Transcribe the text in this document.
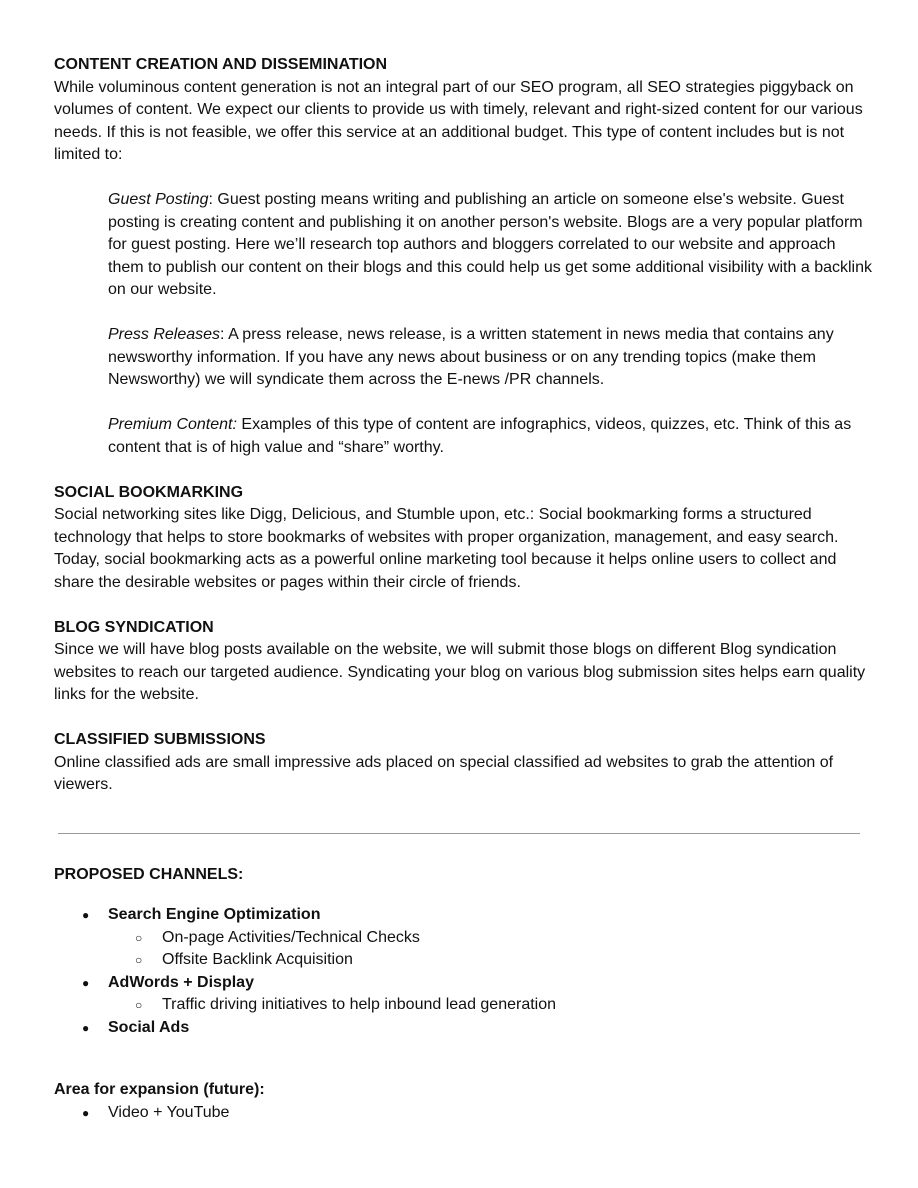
CONTENT CREATION AND DISSEMINATION

While voluminous content generation is not an integral part of our SEO program, all SEO strategies piggyback on volumes of content. We expect our clients to provide us with timely, relevant and right-sized content for our various needs. If this is not feasible, we offer this service at an additional budget. This type of content includes but is not limited to:

Guest Posting: Guest posting means writing and publishing an article on someone else's website. Guest posting is creating content and publishing it on another person's website. Blogs are a very popular platform for guest posting. Here we’ll research top authors and bloggers correlated to our website and approach them to publish our content on their blogs and this could help us get some additional visibility with a backlink on our website.

Press Releases: A press release, news release, is a written statement in news media that contains any newsworthy information. If you have any news about business or on any trending topics (make them Newsworthy) we will syndicate them across the E-news /PR channels.

Premium Content: Examples of this type of content are infographics, videos, quizzes, etc. Think of this as content that is of high value and “share” worthy.

SOCIAL BOOKMARKING

Social networking sites like Digg, Delicious, and Stumble upon, etc.: Social bookmarking forms a structured technology that helps to store bookmarks of websites with proper organization, management, and easy search. Today, social bookmarking acts as a powerful online marketing tool because it helps online users to collect and share the desirable websites or pages within their circle of friends.

BLOG SYNDICATION

Since we will have blog posts available on the website, we will submit those blogs on different Blog syndication websites to reach our targeted audience. Syndicating your blog on various blog submission sites helps earn quality links for the website.

CLASSIFIED SUBMISSIONS

Online classified ads are small impressive ads placed on special classified ad websites to grab the attention of viewers.

PROPOSED CHANNELS:

● Search Engine Optimization
○ On-page Activities/Technical Checks
○ Offsite Backlink Acquisition
● AdWords + Display
○ Traffic driving initiatives to help inbound lead generation
● Social Ads

Area for expansion (future):

● Video + YouTube
